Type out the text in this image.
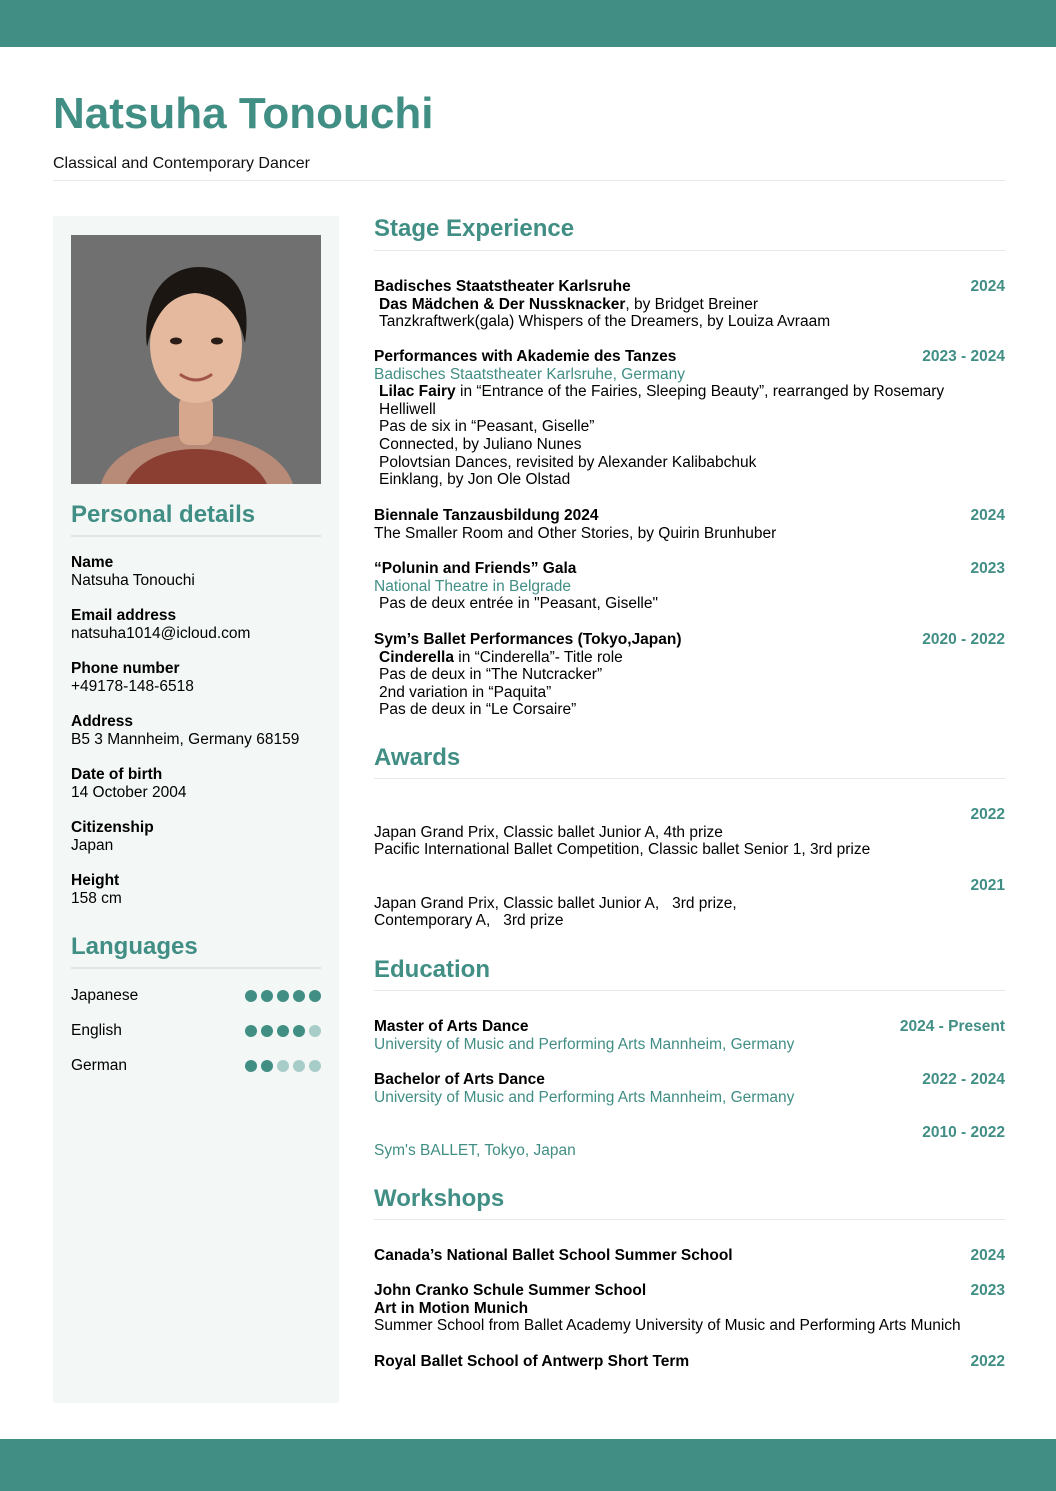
Natsuha Tonouchi
Classical and Contemporary Dancer
Personal details
Name
Natsuha Tonouchi
Email address
natsuha1014@icloud.com
Phone number
+49178-148-6518
Address
B5 3 Mannheim, Germany 68159
Date of birth
14 October 2004
Citizenship
Japan
Height
158 cm
Languages
Japanese
English
German
Stage Experience
Badisches Staatstheater Karlsruhe	2024
Das Mädchen & Der Nussknacker, by Bridget Breiner
Tanzkraftwerk(gala) Whispers of the Dreamers, by Louiza Avraam
Performances with Akademie des Tanzes	2023 - 2024
Badisches Staatstheater Karlsruhe, Germany
Lilac Fairy in “Entrance of the Fairies, Sleeping Beauty”, rearranged by Rosemary Helliwell
Pas de six in “Peasant, Giselle”
Connected, by Juliano Nunes
Polovtsian Dances, revisited by Alexander Kalibabchuk
Einklang, by Jon Ole Olstad
Biennale Tanzausbildung 2024	2024
The Smaller Room and Other Stories, by Quirin Brunhuber
“Polunin and Friends” Gala	2023
National Theatre in Belgrade
Pas de deux entrée in "Peasant, Giselle"
Sym’s Ballet Performances (Tokyo,Japan)	2020 - 2022
Cinderella in “Cinderella”- Title role
Pas de deux in “The Nutcracker”
2nd variation in “Paquita”
Pas de deux in “Le Corsaire”
Awards

2022
Japan Grand Prix, Classic ballet Junior A, 4th prize
Pacific International Ballet Competition, Classic ballet Senior 1, 3rd prize

2021
Japan Grand Prix, Classic ballet Junior A,   3rd prize,
Contemporary A,   3rd prize
Education
Master of Arts Dance	2024 - Present
University of Music and Performing Arts Mannheim, Germany
Bachelor of Arts Dance	2022 - 2024
University of Music and Performing Arts Mannheim, Germany

2010 - 2022
Sym's BALLET, Tokyo, Japan
Workshops
Canada’s National Ballet School Summer School	2024
John Cranko Schule Summer School	2023
Art in Motion Munich
Summer School from Ballet Academy University of Music and Performing Arts Munich
Royal Ballet School of Antwerp Short Term	2022
